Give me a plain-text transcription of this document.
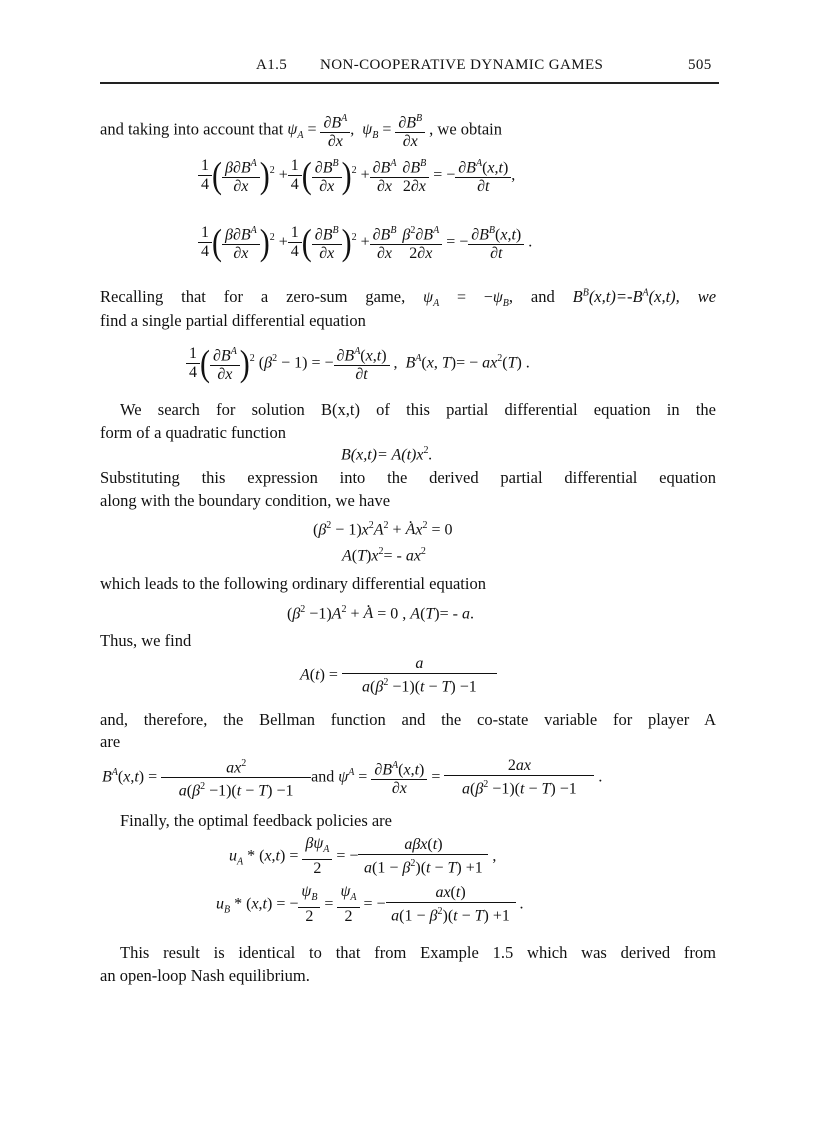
A1.5 NON-COOPERATIVE DYNAMIC GAMES	505
and taking into account that $\psi_A = \frac{\partial B^A}{\partial x}$ ,  $\psi_B = \frac{\partial B^B}{\partial x}$ , we obtain
$\frac{1}{4}$ ( $\frac{\beta\partial B^A}{\partial x} )^2 + \frac{1}{4}$ ( $\frac{\partial B^B}{\partial x} )^2 + \frac{\partial B^A}{\partial x} \frac{\partial B^B}{2\partial x}$ = − $\frac{\partial B^A(x,t)}{\partial t}$ ,
$\frac{1}{4}$ ( $\frac{\beta\partial B^A}{\partial x} )^2 + \frac{1}{4}$ ( $\frac{\partial B^B}{\partial x} )^2 + \frac{\partial B^B}{\partial x} \frac{\beta^2\partial B^A}{2\partial x}$ = − $\frac{\partial B^B(x,t)}{\partial t}$ .
Recalling that for a zero-sum game, $\psi_A = -\psi_B$, and $B^B(x,t)=-B^A(x,t)$, we
find a single partial differential equation
$\frac{1}{4}$ ( $\frac{\partial B^A}{\partial x} )^2$ $(\beta^2 - 1)$ = − $\frac{\partial B^A(x,t)}{\partial t}$ ,  $B^A(x$, $T)= - ax^2(T)$ .
We search for solution B(x,t) of this partial differential equation in the
form of a quadratic function
$B(x,t)= A(t)x^2$.
Substituting this expression into the derived partial differential equation
along with the boundary condition, we have
$(\beta^2 - 1)x^2A^2 + A$ $.x^2 = 0$
$A(T)x^2= - ax^2$
which leads to the following ordinary differential equation
$(\beta^2 -1)A^2 + A$ . = 0 , A(T)= - a.
Thus, we find
$A(t) = \frac{a}{a(\beta^2 -1)(t - T) -1}$
and, therefore, the Bellman function and the co-state variable for player A
are
$B^A(x,t) = \frac{ax^2}{a(\beta^2 -1)(t - T) -1}$ and $\psi^A = \frac{\partial B^A(x,t)}{\partial x} = \frac{2ax}{a(\beta^2 -1)(t - T) -1}$ .
Finally, the optimal feedback policies are
$u_A * (x,t) = \frac{\beta\psi_A}{2}$ = − $\frac{\text{aβx(t)}}{a(1 - \beta^2)(t - T) +1}$ ,
$u_B * (x,t)$ = − $\frac{\psi_B}{2} = \frac{\psi_A}{2}$ = − $\frac{ax(t)}{a(1 - \beta^2)(t - T) +1}$ .
This result is identical to that from Example 1.5 which was derived from
an open-loop Nash equilibrium.
